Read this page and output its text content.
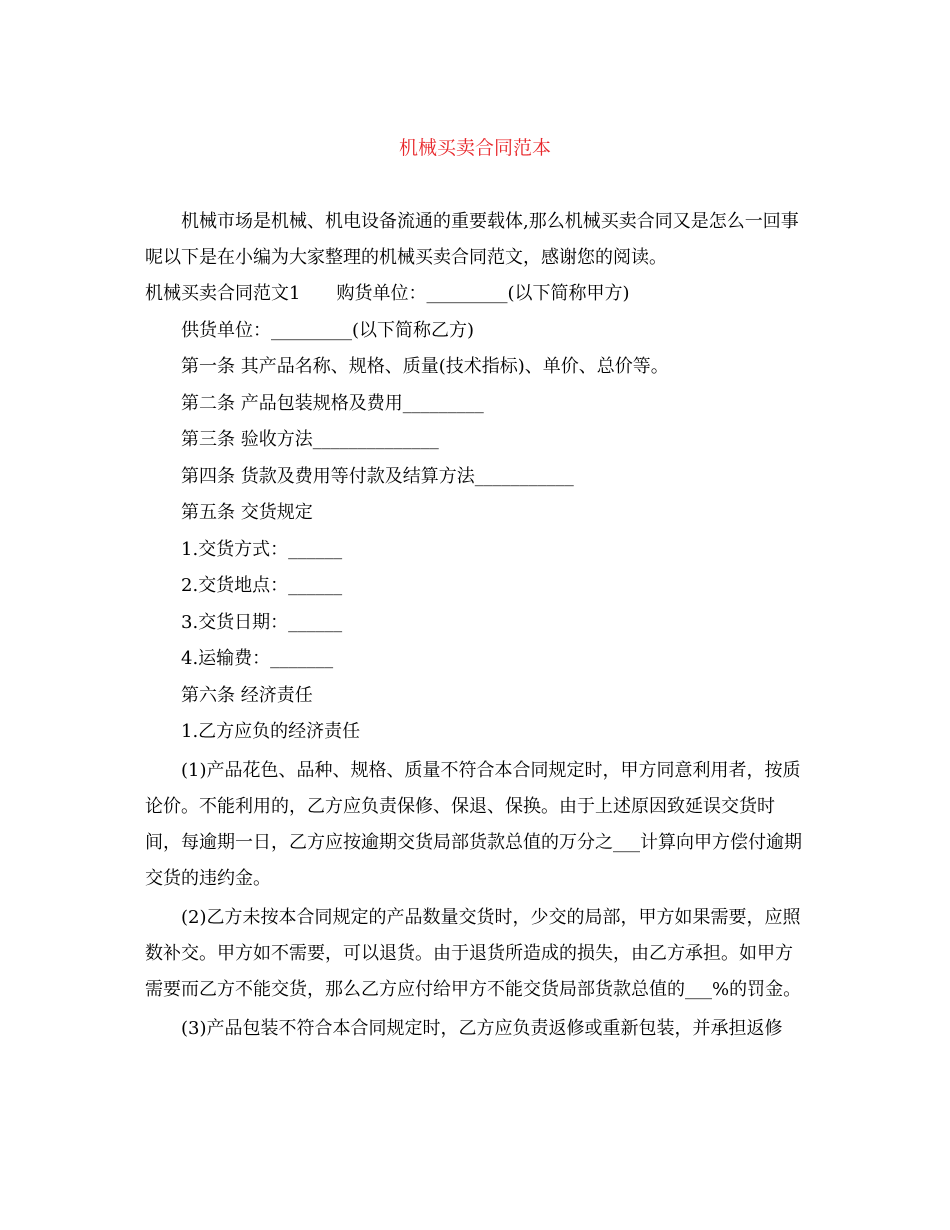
机械买卖合同范本

机械市场是机械、机电设备流通的重要载体,那么机械买卖合同又是怎么一回事呢以下是在小编为大家整理的机械买卖合同范文，感谢您的阅读。

机械买卖合同范文1　　购货单位：_________(以下简称甲方)

供货单位：_________(以下简称乙方)

第一条 其产品名称、规格、质量(技术指标)、单价、总价等。

第二条 产品包装规格及费用_________

第三条 验收方法______________

第四条 货款及费用等付款及结算方法___________

第五条 交货规定

1.交货方式：______

2.交货地点：______

3.交货日期：______

4.运输费：_______

第六条 经济责任

1.乙方应负的经济责任

(1)产品花色、品种、规格、质量不符合本合同规定时，甲方同意利用者，按质论价。不能利用的，乙方应负责保修、保退、保换。由于上述原因致延误交货时间，每逾期一日，乙方应按逾期交货局部货款总值的万分之___计算向甲方偿付逾期交货的违约金。

(2)乙方未按本合同规定的产品数量交货时，少交的局部，甲方如果需要，应照数补交。甲方如不需要，可以退货。由于退货所造成的损失，由乙方承担。如甲方需要而乙方不能交货，那么乙方应付给甲方不能交货局部货款总值的___%的罚金。

(3)产品包装不符合本合同规定时，乙方应负责返修或重新包装，并承担返修
